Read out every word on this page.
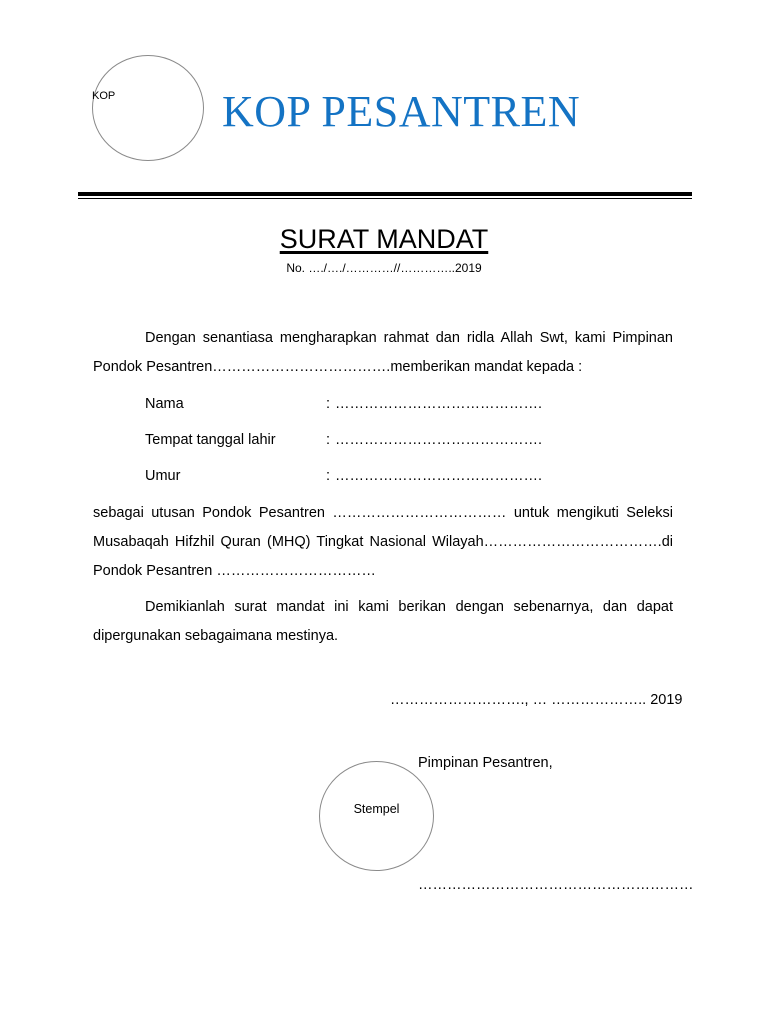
KOP KOP PESANTREN
SURAT MANDAT
No. …./…./…………//…………..2019
Dengan senantiasa mengharapkan rahmat dan ridla Allah Swt, kami Pimpinan
Pondok Pesantren……………………………….memberikan mandat kepada :
Nama	: …………………………………….
Tempat tanggal lahir	: …………………………………….
Umur	: …………………………………….
sebagai utusan Pondok Pesantren ……………………………… untuk mengikuti Seleksi
Musabaqah Hifzhil Quran (MHQ) Tingkat Nasional Wilayah……………………………….di
Pondok Pesantren ……………………………
Demikianlah surat mandat ini kami berikan dengan sebenarnya, dan dapat
dipergunakan sebagaimana mestinya.
………………………., … ……………….. 2019
Pimpinan Pesantren,
Stempel
…………………………………………………
